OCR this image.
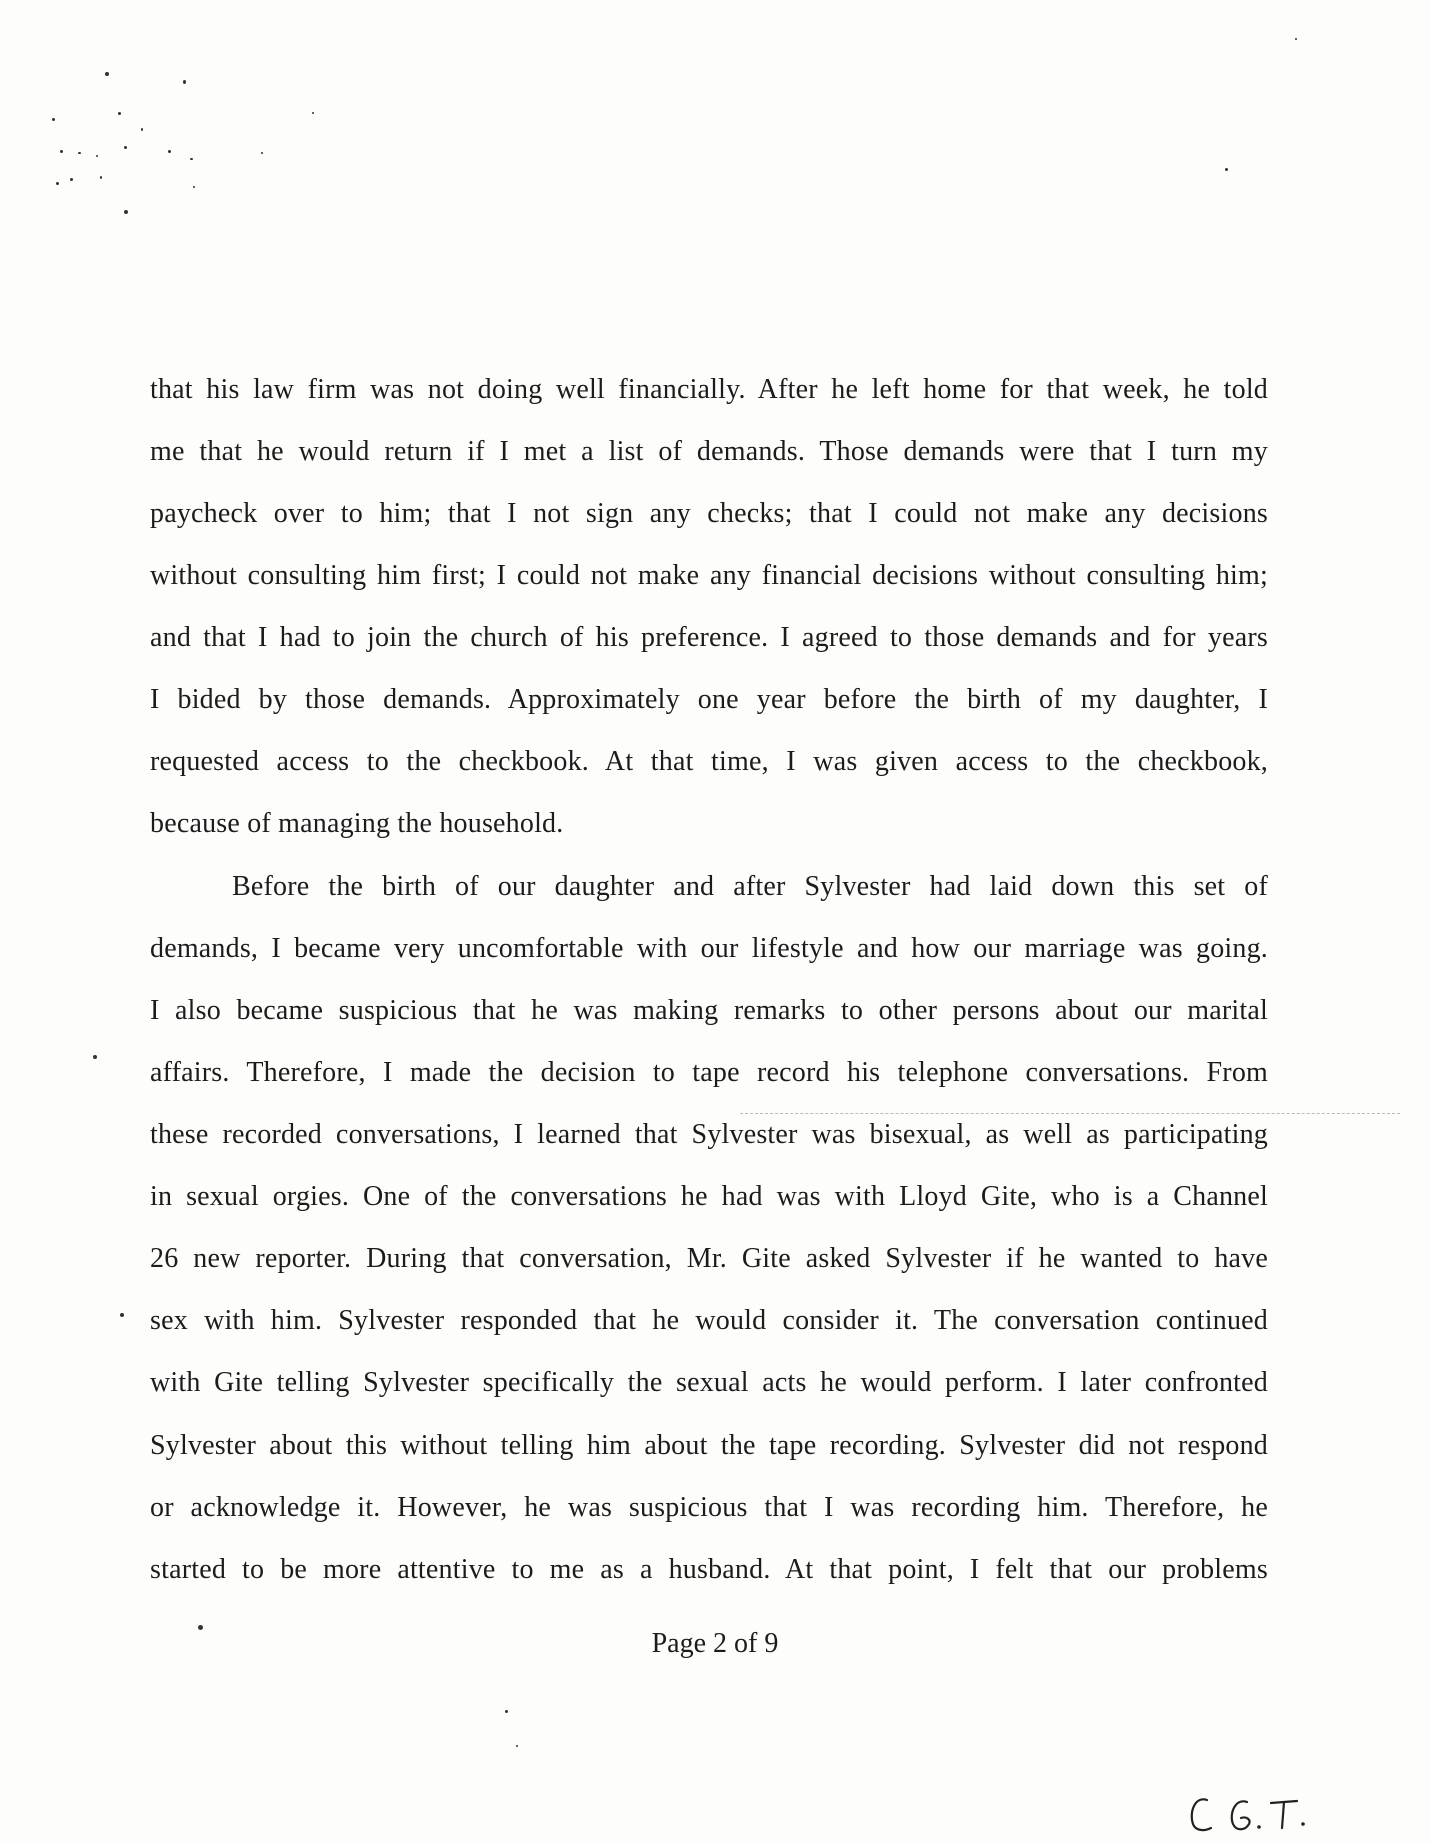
that his law firm was not doing well financially. After he left home for that week, he told
me that he would return if I met a list of demands. Those demands were that I turn my
paycheck over to him; that I not sign any checks; that I could not make any decisions
without consulting him first; I could not make any financial decisions without consulting him;
and that I had to join the church of his preference. I agreed to those demands and for years
I bided by those demands. Approximately one year before the birth of my daughter, I
requested access to the checkbook. At that time, I was given access to the checkbook,
because of managing the household.
Before the birth of our daughter and after Sylvester had laid down this set of
demands, I became very uncomfortable with our lifestyle and how our marriage was going.
I also became suspicious that he was making remarks to other persons about our marital
affairs. Therefore, I made the decision to tape record his telephone conversations. From
these recorded conversations, I learned that Sylvester was bisexual, as well as participating
in sexual orgies. One of the conversations he had was with Lloyd Gite, who is a Channel
26 new reporter. During that conversation, Mr. Gite asked Sylvester if he wanted to have
sex with him. Sylvester responded that he would consider it. The conversation continued
with Gite telling Sylvester specifically the sexual acts he would perform. I later confronted
Sylvester about this without telling him about the tape recording. Sylvester did not respond
or acknowledge it. However, he was suspicious that I was recording him. Therefore, he
started to be more attentive to me as a husband. At that point, I felt that our problems
Page 2 of 9
